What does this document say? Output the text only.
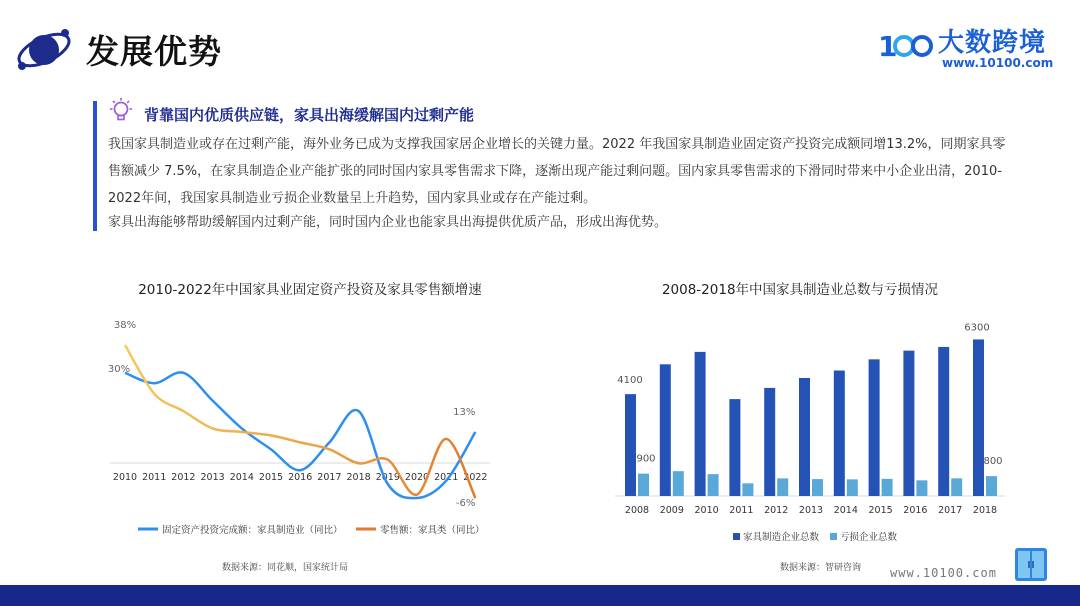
发展优势	1 大数跨境
www.10100.com
背靠国内优质供应链，家具出海缓解国内过剩产能
我国家具制造业或存在过剩产能，海外业务已成为支撑我国家居企业增长的关键力量。2022 年我国家具制造业固定资产投资完成额同增13.2%，同期家具零售额减少 7.5%，在家具制造企业产能扩张的同时国内家具零售需求下降，逐渐出现产能过剩问题。国内家具零售需求的下滑同时带来中小企业出清，2010-2022年间，我国家具制造业亏损企业数量呈上升趋势，国内家具业或存在产能过剩。
家具出海能够帮助缓解国内过剩产能，同时国内企业也能家具出海提供优质产品，形成出海优势。
2010-2022年中国家具业固定资产投资及家具零售额增速
2010 2011 2012 2013 2014 2015 2016 2017 2018 2019 2020 2021 2022
38%
30%
13%
-6%
固定资产投资完成额：家具制造业（同比）	零售额：家具类（同比）
数据来源：同花顺，国家统计局
2008-2018年中国家具制造业总数与亏损情况
2008 2009 2010 2011 2012 2013 2014 2015 2016 2017 2018
4100
900
6300
800
家具制造企业总数 亏损企业总数
数据来源：智研咨询 www.10100.com
